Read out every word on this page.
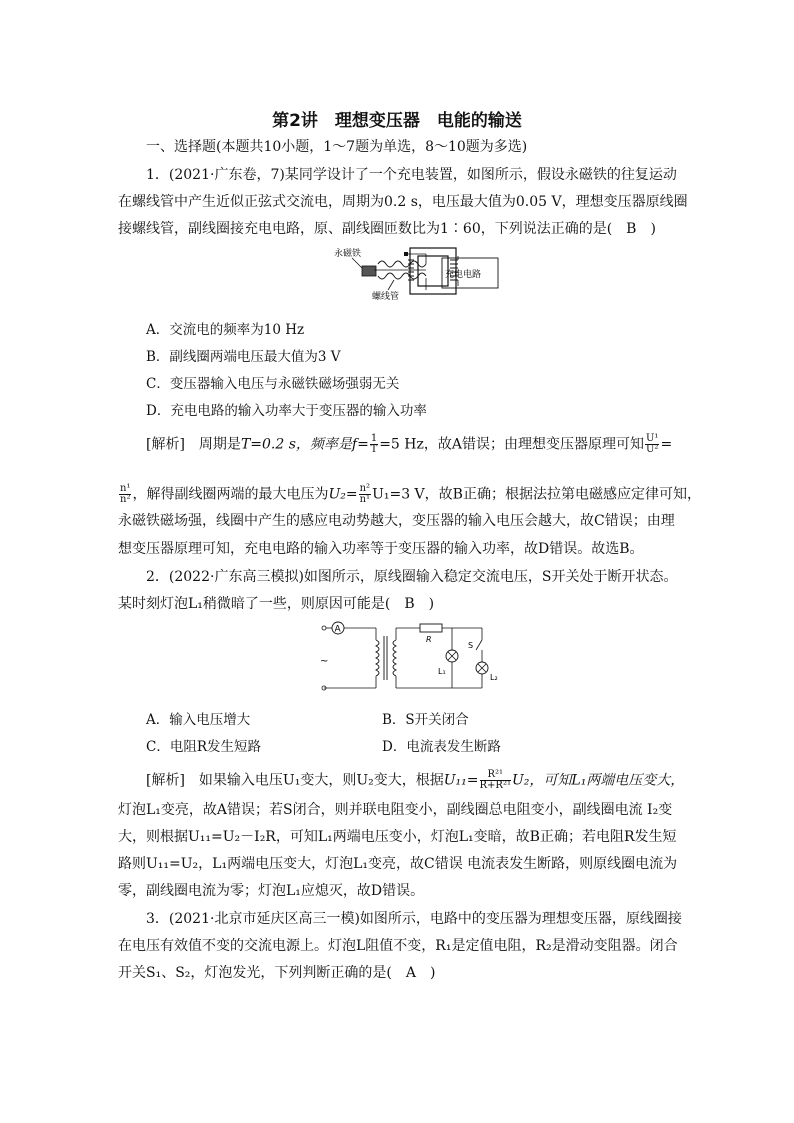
第2讲　理想变压器　电能的输送
一、选择题(本题共10小题，1～7题为单选，8～10题为多选)
1．(2021·广东卷，7)某同学设计了一个充电装置，如图所示，假设永磁铁的往复运动
在螺线管中产生近似正弦式交流电，周期为0.2 s，电压最大值为0.05 V，理想变压器原线圈
接螺线管，副线圈接充电电路，原、副线圈匝数比为1∶60，下列说法正确的是(　B　)
永磁铁
螺线管
充电电路
A．交流电的频率为10 Hz
B．副线圈两端电压最大值为3 V
C．变压器输入电压与永磁铁磁场强弱无关
D．充电电路的输入功率大于变压器的输入功率
[解析]　周期是T=0.2 s，频率是$f= \frac{1}{T} =5$ Hz，故A错误；由理想变压器原理可知 $\frac{\text{U¹}}{\text{U²}}$ =
$\frac{\text{n¹}}{\text{n²}}$ ，解得副线圈两端的最大电压为$U_2= \frac{\text{n²}}{\text{n¹}} U_1=3$ V，故B正确；根据法拉第电磁感应定律可知，
永磁铁磁场强，线圈中产生的感应电动势越大，变压器的输入电压会越大，故C错误；由理
想变压器原理可知，充电电路的输入功率等于变压器的输入功率，故D错误。故选B。
2．(2022·广东高三模拟)如图所示，原线圈输入稳定交流电压，S开关处于断开状态。
某时刻灯泡L₁稍微暗了一些，则原因可能是(　B　)
A
~
R
L₁
S
L₂
A．输入电压增大	B．S开关闭合
C．电阻R发生短路	D．电流表发生断路
[解析]　如果输入电压U₁变大，则U₂变大，根据$U_{11}= \frac{\text{R²¹}}{\text{R+R²¹}} U_2$，可知L₁两端电压变大，
灯泡L₁变亮，故A错误；若S闭合，则并联电阻变小，副线圈总电阻变小，副线圈电流 I₂变
大，则根据U₁₁=U₂－I₂R，可知L₁两端电压变小，灯泡L₁变暗，故B正确；若电阻R发生短
路则U₁₁=U₂，L₁两端电压变大，灯泡L₁变亮，故C错误 电流表发生断路，则原线圈电流为
零，副线圈电流为零；灯泡L₁应熄灭，故D错误。
3．(2021·北京市延庆区高三一模)如图所示，电路中的变压器为理想变压器，原线圈接
在电压有效值不变的交流电源上。灯泡L阻值不变，R₁是定值电阻，R₂是滑动变阻器。闭合
开关S₁、S₂，灯泡发光，下列判断正确的是(　A　)
